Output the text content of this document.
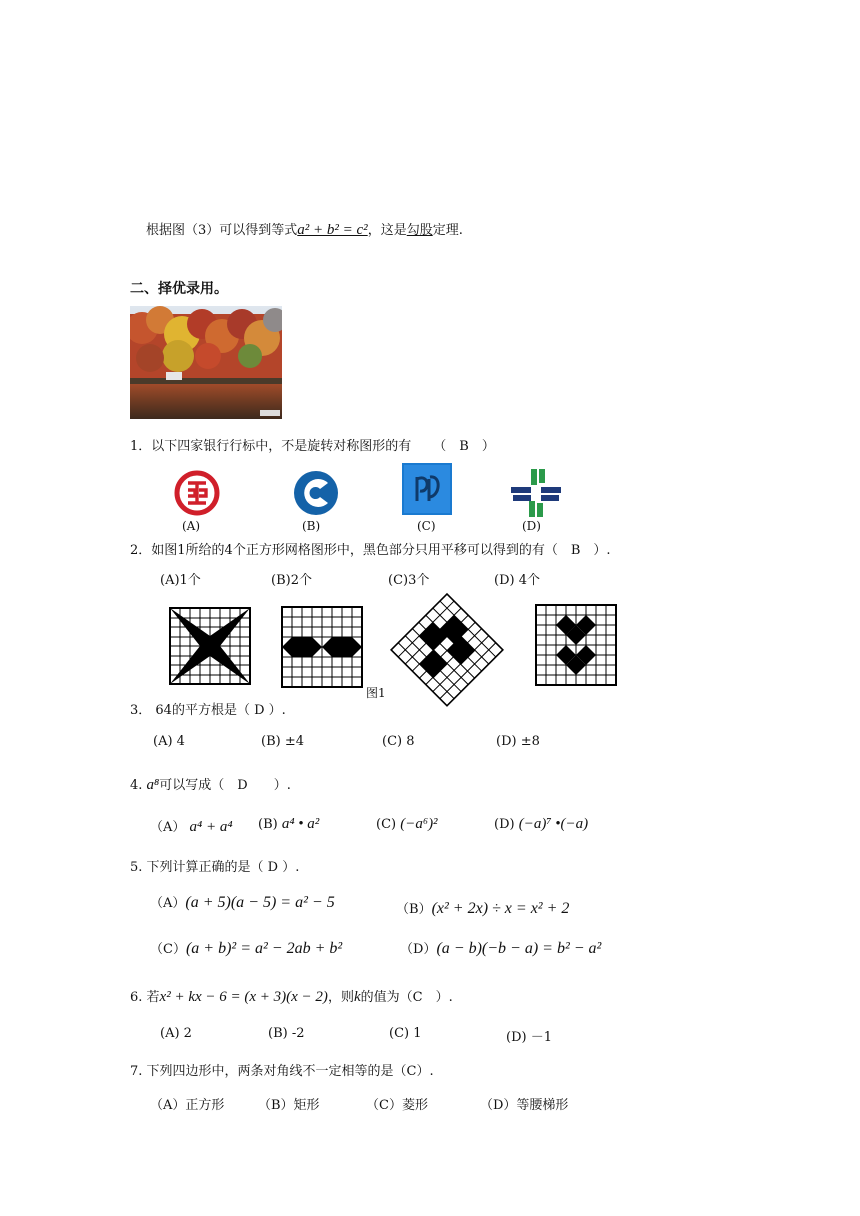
根据图（3）可以得到等式a² + b² = c²，这是勾股定理.
二、择优录用。
1．以下四家银行行标中，不是旋转对称图形的有 （　B　）
(A)	(B)	(C)	(D)
2．如图1所给的4个正方形网格图形中，黑色部分只用平移可以得到的有（　B　）.
(A)1个	(B)2个	(C)3个	(D) 4个
图1
3． 64的平方根是（ D ）.
(A) 4	(B) ±4	(C) 8	(D) ±8
4. a⁸可以写成（　D　　）.
（A） a⁴ + a⁴ (B) a⁴ • a²	(C) (−a⁶)²	(D) (−a)⁷ •(−a)
5. 下列计算正确的是（ D ）.
（A）(a + 5)(a − 5) = a² − 5	（B）(x² + 2x) ÷ x = x² + 2
（C）(a + b)² = a² − 2ab + b²	（D）(a − b)(−b − a) = b² − a²
6. 若x² + kx − 6 = (x + 3)(x − 2)，则k的值为（C　）.
(A) 2	(B) -2	(C) 1	(D) －1
7. 下列四边形中，两条对角线不一定相等的是（C）.
（A）正方形	（B）矩形	（C）菱形	（D）等腰梯形
